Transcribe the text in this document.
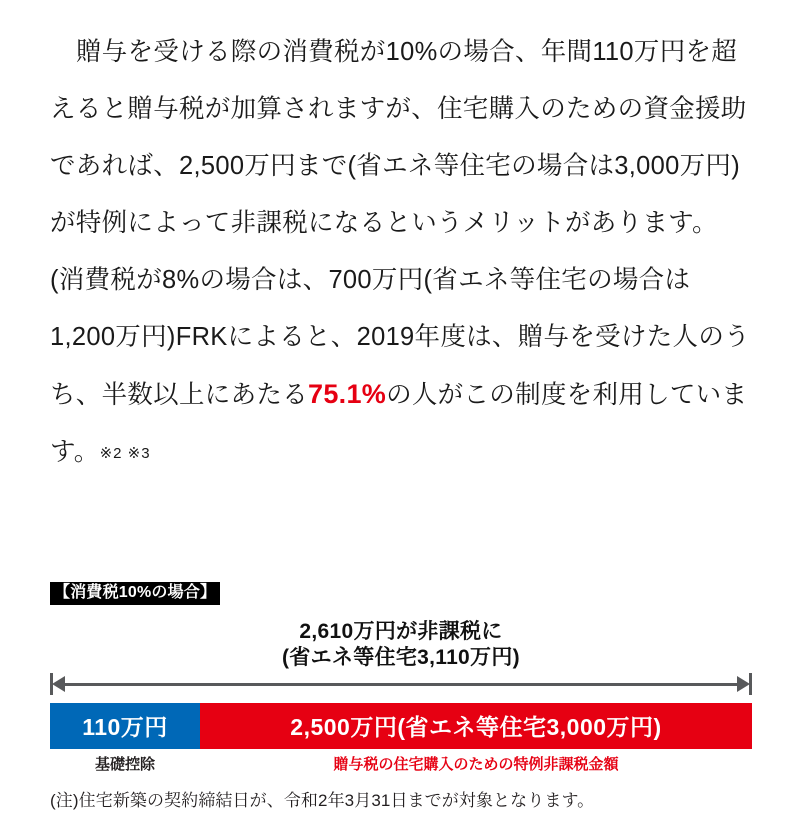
贈与を受ける際の消費税が10%の場合、年間110万円を超えると贈与税が加算されますが、住宅購入のための資金援助であれば、2,500万円まで(省エネ等住宅の場合は3,000万円)が特例によって非課税になるというメリットがあります。(消費税が8%の場合は、700万円(省エネ等住宅の場合は1,200万円)FRKによると、2019年度は、贈与を受けた人のうち、半数以上にあたる75.1%の人がこの制度を利用しています。※2 ※3

【消費税10%の場合】
2,610万円が非課税に
(省エネ等住宅3,110万円)
110万円	2,500万円(省エネ等住宅3,000万円)
基礎控除	贈与税の住宅購入のための特例非課税金額
(注)住宅新築の契約締結日が、令和2年3月31日までが対象となります。
